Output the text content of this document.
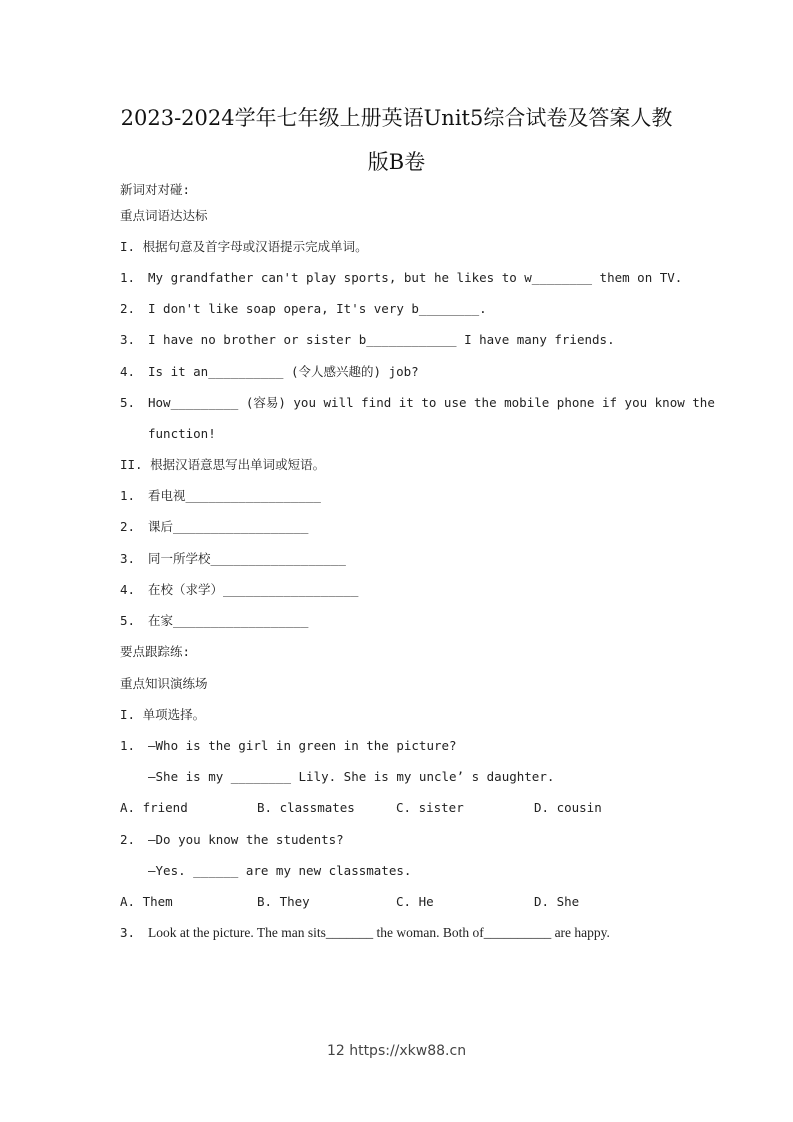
2023-2024学年七年级上册英语Unit5综合试卷及答案人教
版B卷
新词对对碰:
重点词语达达标
I. 根据句意及首字母或汉语提示完成单词。
1. My grandfather can't play sports, but he likes to w________ them on TV.
2. I don't like soap opera, It's very b________.
3. I have no brother or sister b____________ I have many friends.
4. Is it an__________ (令人感兴趣的) job?
5. How_________ (容易) you will find it to use the mobile phone if you know the
function!
II. 根据汉语意思写出单词或短语。
1. 看电视__________________
2. 课后__________________
3. 同一所学校__________________
4. 在校（求学）__________________
5. 在家__________________
要点跟踪练:
重点知识演练场
I. 单项选择。
1. —Who is the girl in green in the picture?
—She is my ________ Lily. She is my uncle’ s daughter.
A. friend	B. classmates	C. sister	D. cousin
2. —Do you know the students?
—Yes. ______ are my new classmates.
A. Them	B. They	C. He	D. She
3. Look at the picture. The man sits_______ the woman. Both of__________ are happy.
12 https://xkw88.cn
